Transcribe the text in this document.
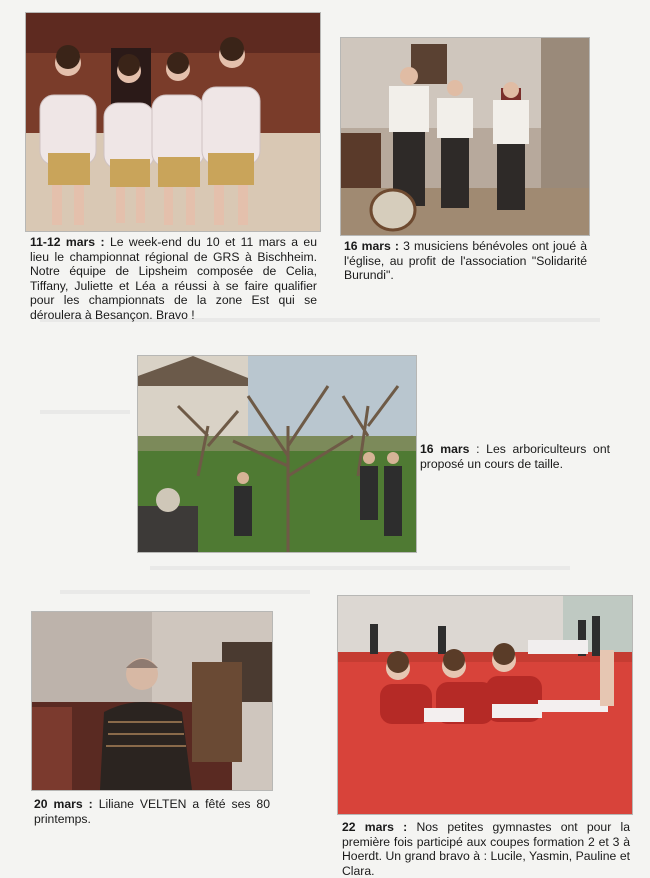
11-12 mars : Le week-end du 10 et 11 mars a eu lieu le championnat régional de GRS à Bischheim. Notre équipe de Lipsheim composée de Celia, Tiffany, Juliette et Léa a réussi à se faire qualifier pour les championnats de la zone Est qui se déroulera à Besançon. Bravo !

16 mars : 3 musiciens bénévoles ont joué à l'église, au profit de l'association "Solidarité Burundi".

16 mars : Les arboriculteurs ont proposé un cours de taille.

20 mars : Liliane VELTEN a fêté ses 80 printemps.

22 mars : Nos petites gymnastes ont pour la première fois participé aux coupes formation 2 et 3 à Hoerdt. Un grand bravo à : Lucile, Yasmin, Pauline et Clara.
